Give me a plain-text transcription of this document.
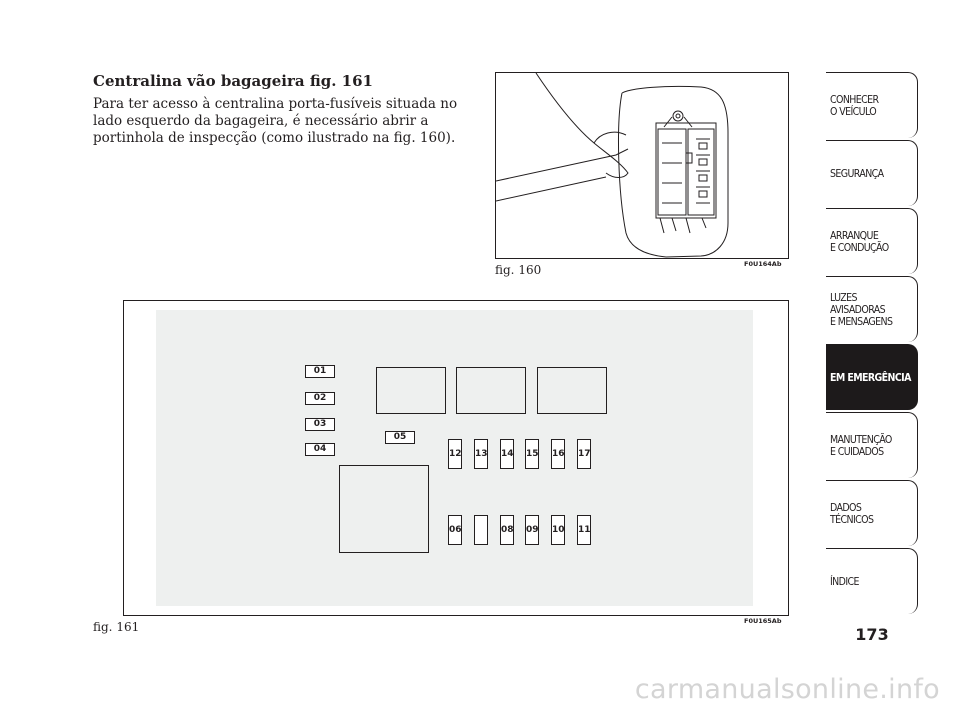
Centralina vão bagageira fig. 161

Para ter acesso à centralina porta-fusíveis situada no lado esquerdo da bagageira, é necessário abrir a portinhola de inspecção (como ilustrado na fig. 160).

fig. 160	F0U164Ab
01
02
03
04
05
12 13 14 15 16 17
06	08 09 10 11
fig. 161	F0U165Ab
CONHECER
O VEÍCULO
SEGURANÇA
ARRANQUE
E CONDUÇÃO
LUZES
AVISADORAS
E MENSAGENS
EM EMERGÊNCIA
MANUTENÇÃO
E CUIDADOS
DADOS
TÉCNICOS
ÍNDICE
173
carmanualsonline.info
